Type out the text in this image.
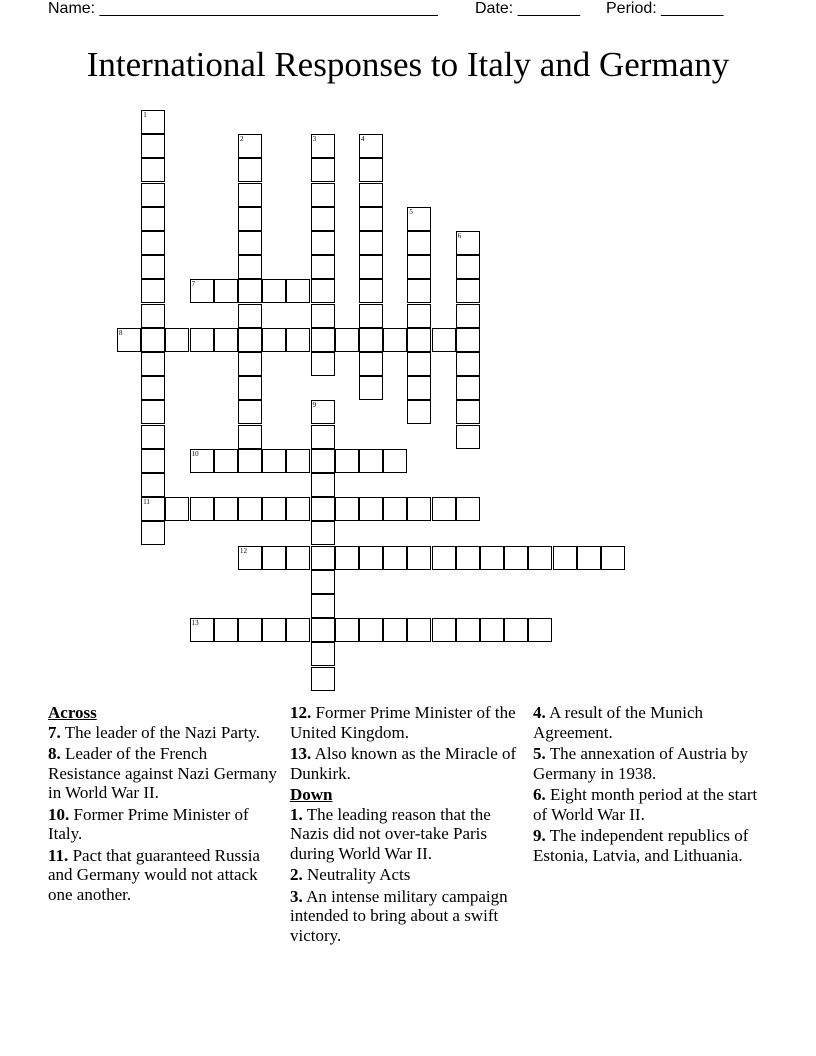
Name: ______________________________________ Date: _______ Period: _______
International Responses to Italy and Germany
1
11
2	3	4
5
6
7
8
9
10
12
13
Across
7. The leader of the Nazi Party.
8. Leader of the French Resistance against Nazi Germany in World War II.
10. Former Prime Minister of Italy.
11. Pact that guaranteed Russia and Germany would not attack one another.
12. Former Prime Minister of the United Kingdom.
13. Also known as the Miracle of Dunkirk.
Down
1. The leading reason that the Nazis did not over-take Paris during World War II.
2. Neutrality Acts
3. An intense military campaign intended to bring about a swift victory.
4. A result of the Munich Agreement.
5. The annexation of Austria by Germany in 1938.
6. Eight month period at the start of World War II.
9. The independent republics of Estonia, Latvia, and Lithuania.
